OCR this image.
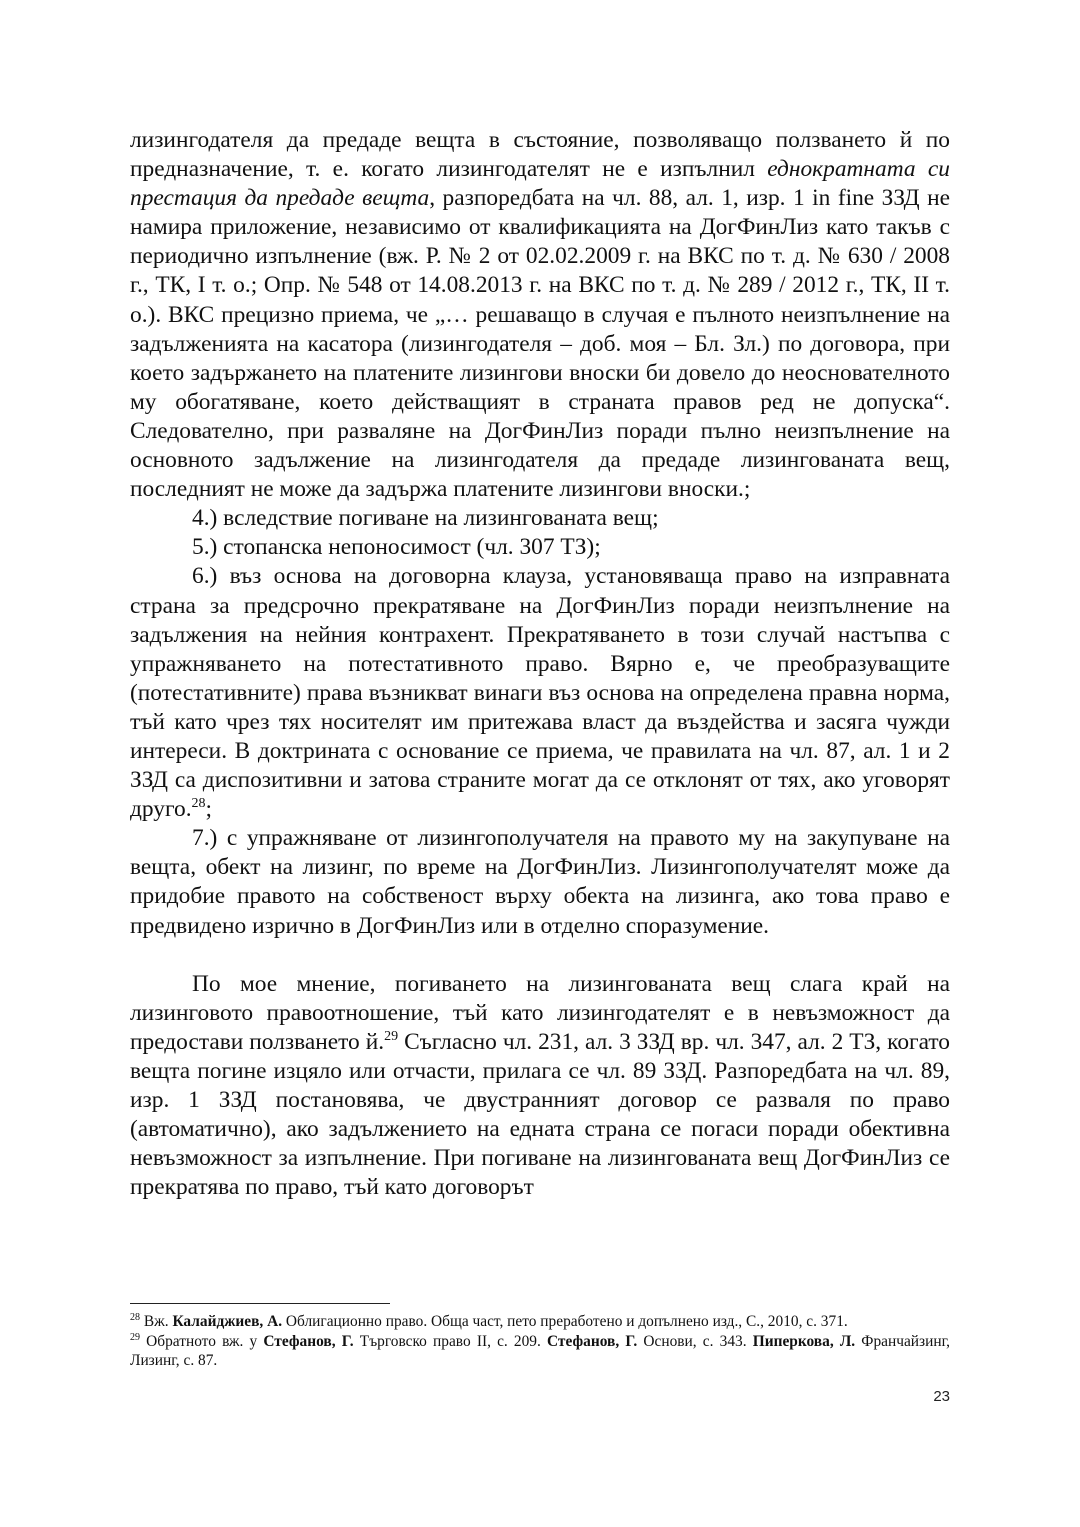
лизингодателя да предаде вещта в състояние, позволяващо ползването й по предназначение, т. е. когато лизингодателят не е изпълнил еднократната си престация да предаде вещта, разпоредбата на чл. 88, ал. 1, изр. 1 in fine ЗЗД не намира приложение, независимо от квалификацията на ДогФинЛиз като такъв с периодично изпълнение (вж. Р. № 2 от 02.02.2009 г. на ВКС по т. д. № 630 / 2008 г., ТК, I т. о.; Опр. № 548 от 14.08.2013 г. на ВКС по т. д. № 289 / 2012 г., ТК, II т. о.). ВКС прецизно приема, че „… решаващо в случая е пълното неизпълнение на задълженията на касатора (лизингодателя – доб. моя – Бл. Зл.) по договора, при което задържането на платените лизингови вноски би довело до неоснователното му обогатяване, което действащият в страната правов ред не допуска“. Следователно, при разваляне на ДогФинЛиз поради пълно неизпълнение на основното задължение на лизингодателя да предаде лизингованата вещ, последният не може да задържа платените лизингови вноски.;

4.) вследствие погиване на лизингованата вещ;

5.) стопанска непоносимост (чл. 307 ТЗ);

6.) въз основа на договорна клауза, установяваща право на изправната страна за предсрочно прекратяване на ДогФинЛиз поради неизпълнение на задължения на нейния контрахент. Прекратяването в този случай настъпва с упражняването на потестативното право. Вярно е, че преобразуващите (потестативните) права възникват винаги въз основа на определена правна норма, тъй като чрез тях носителят им притежава власт да въздейства и засяга чужди интереси. В доктрината с основание се приема, че правилата на чл. 87, ал. 1 и 2 ЗЗД са диспозитивни и затова страните могат да се отклонят от тях, ако уговорят друго.$^{28}$;

7.) с упражняване от лизингополучателя на правото му на закупуване на вещта, обект на лизинг, по време на ДогФинЛиз. Лизингополучателят може да придобие правото на собственост върху обекта на лизинга, ако това право е предвидено изрично в ДогФинЛиз или в отделно споразумение.

По мое мнение, погиването на лизингованата вещ слага край на лизинговото правоотношение, тъй като лизингодателят е в невъзможност да предостави ползването й.$^{29}$ Съгласно чл. 231, ал. 3 ЗЗД вр. чл. 347, ал. 2 ТЗ, когато вещта погине изцяло или отчасти, прилага се чл. 89 ЗЗД. Разпоредбата на чл. 89, изр. 1 ЗЗД постановява, че двустранният договор се разваля по право (автоматично), ако задължението на едната страна се погаси поради обективна невъзможност за изпълнение. При погиване на лизингованата вещ ДогФинЛиз се прекратява по право, тъй като договорът

$^{28}$ Вж. Калайджиев, А. Облигационно право. Обща част, пето преработено и допълнено изд., С., 2010, с. 371.

$^{29}$ Обратното вж. у Стефанов, Г. Търговско право II, с. 209. Стефанов, Г. Основи, с. 343. Пиперкова, Л. Франчайзинг, Лизинг, с. 87.

23
